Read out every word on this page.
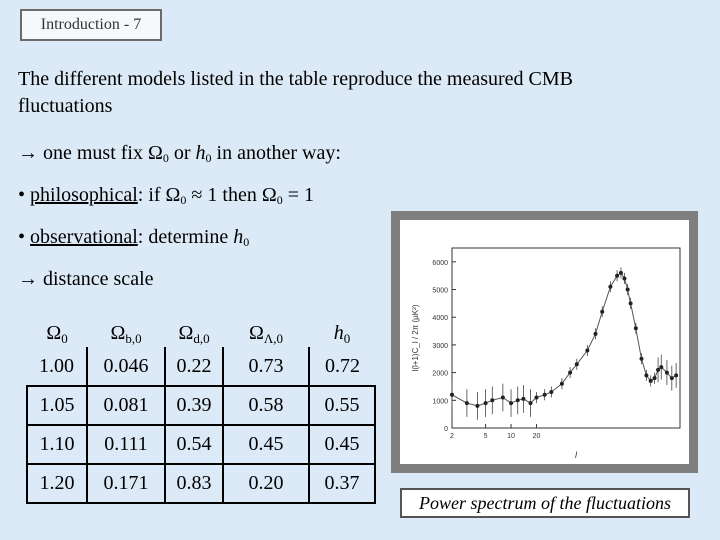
Introduction - 7
The different models listed in the table reproduce the measured CMB
fluctuations
→ one must fix $\Omega_0$ or $h_0$ in another way:
• philosophical: if $\Omega_0 \approx 1$ then $\Omega_0 = 1$
• observational: determine $h_0$
→ distance scale
$\Omega_0$	$\Omega_{b,0}$	$\Omega_{d,0}$	$\Omega_{\Lambda,0}$	$h_0$
1.00	0.046	0.22	0.73	0.72
1.05	0.081	0.39	0.58	0.55
1.10	0.111	0.54	0.45	0.45
1.20	0.171	0.83	0.20	0.37
0
1000
2000
3000
4000
5000
6000
2	5	10	20
l
l(l+1)C_l / 2π (μK²)
Power spectrum of the fluctuations
